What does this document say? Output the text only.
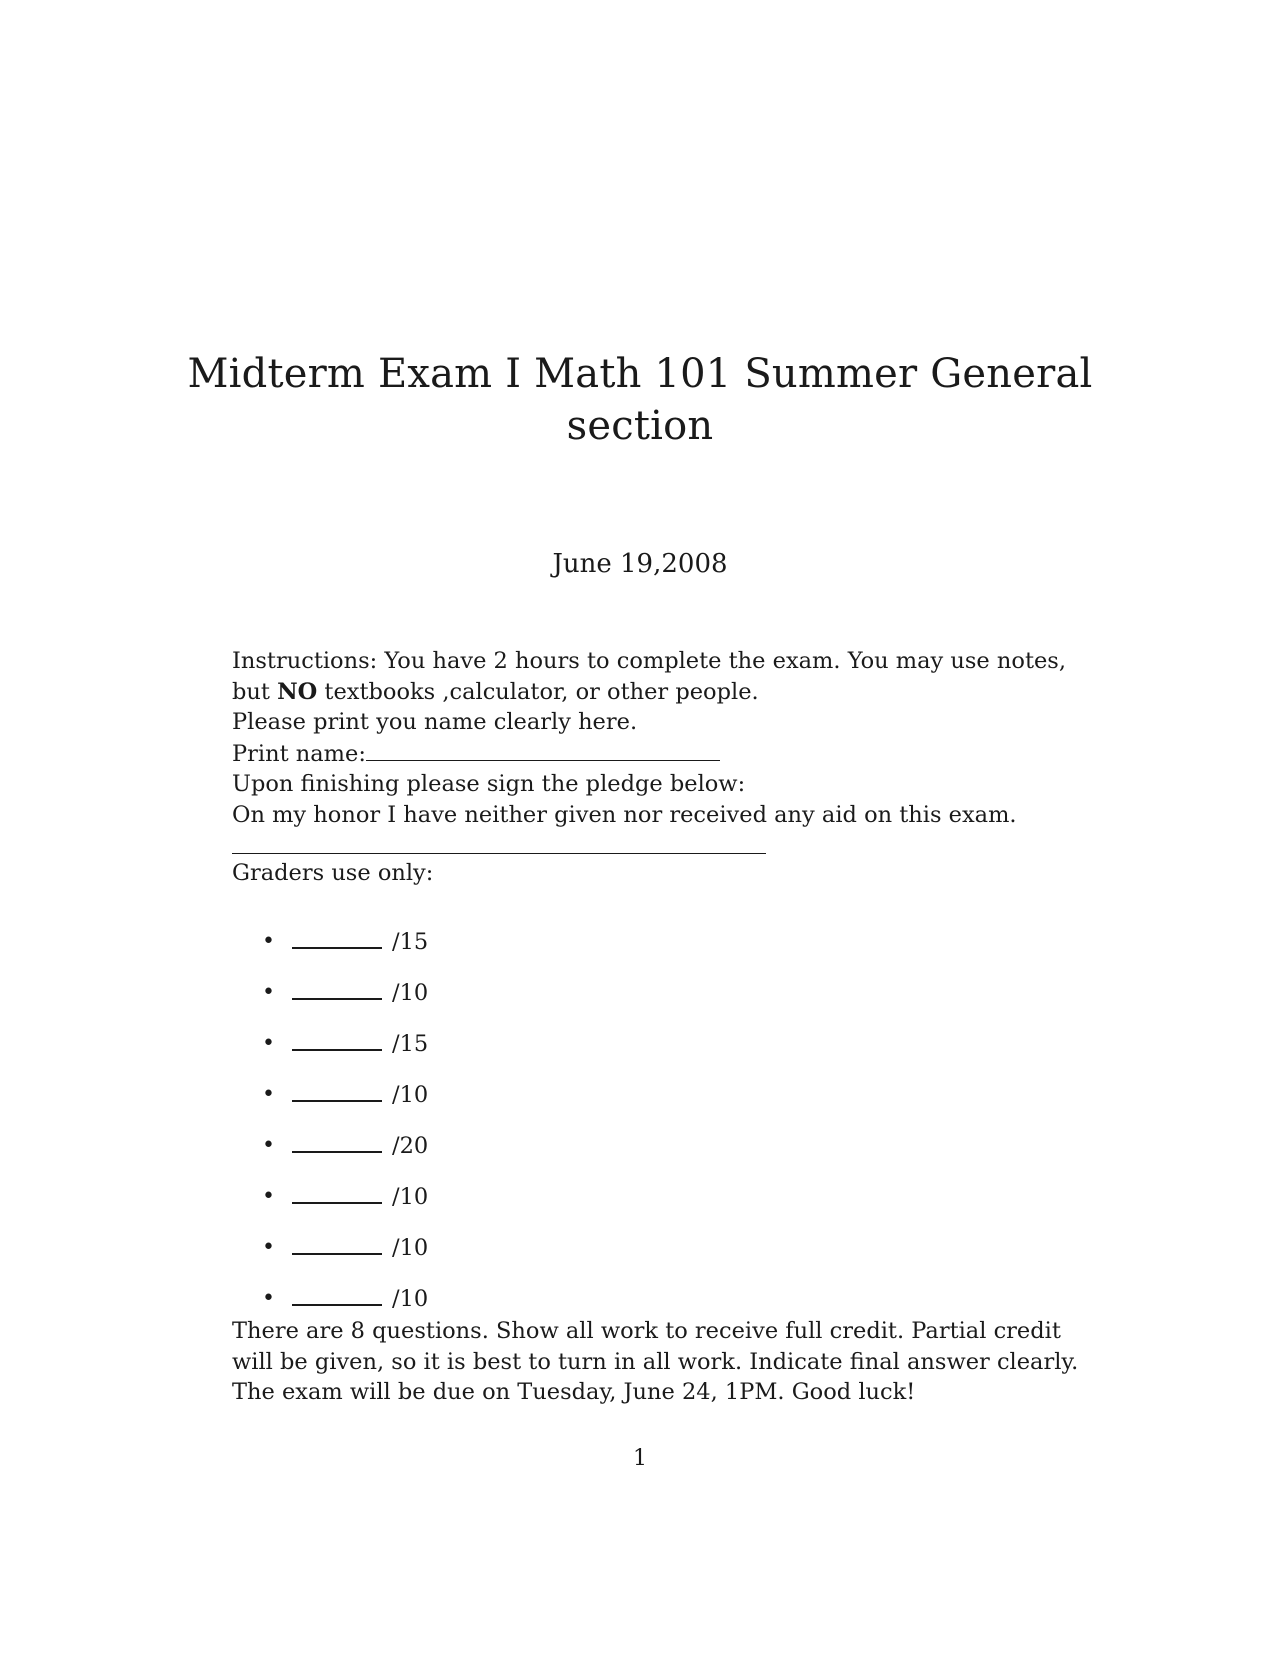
Midterm Exam I Math 101 Summer General
section
June 19,2008
Instructions: You have 2 hours to complete the exam. You may use notes,
but NO textbooks ,calculator, or other people.
Please print you name clearly here.
Print name:
Upon finishing please sign the pledge below:
On my honor I have neither given nor received any aid on this exam.
Graders use only:
•	/15
•	/10
•	/15
•	/10
•	/20
•	/10
•	/10
•	/10
There are 8 questions. Show all work to receive full credit. Partial credit
will be given, so it is best to turn in all work. Indicate final answer clearly.
The exam will be due on Tuesday, June 24, 1PM. Good luck!
1
